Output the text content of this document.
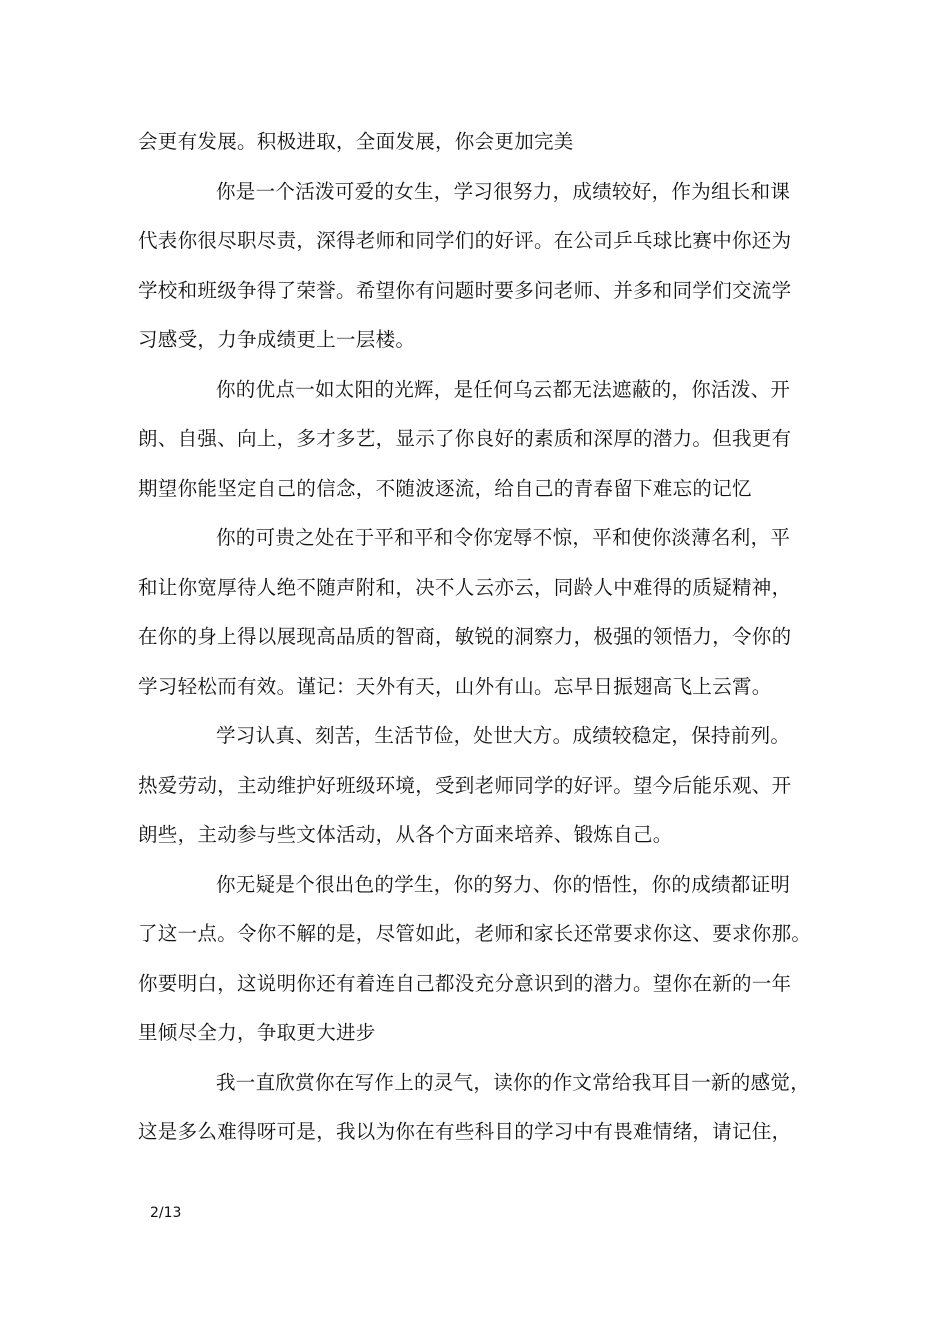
会更有发展。积极进取，全面发展，你会更加完美
你是一个活泼可爱的女生，学习很努力，成绩较好，作为组长和课
代表你很尽职尽责，深得老师和同学们的好评。在公司乒乓球比赛中你还为
学校和班级争得了荣誉。希望你有问题时要多问老师、并多和同学们交流学
习感受，力争成绩更上一层楼。
你的优点一如太阳的光辉，是任何乌云都无法遮蔽的，你活泼、开
朗、自强、向上，多才多艺，显示了你良好的素质和深厚的潜力。但我更有
期望你能坚定自己的信念，不随波逐流，给自己的青春留下难忘的记忆
你的可贵之处在于平和平和令你宠辱不惊，平和使你淡薄名利，平
和让你宽厚待人绝不随声附和，决不人云亦云，同龄人中难得的质疑精神，
在你的身上得以展现高品质的智商，敏锐的洞察力，极强的领悟力，令你的
学习轻松而有效。谨记：天外有天，山外有山。忘早日振翅高飞上云霄。
学习认真、刻苦，生活节俭，处世大方。成绩较稳定，保持前列。
热爱劳动，主动维护好班级环境，受到老师同学的好评。望今后能乐观、开
朗些，主动参与些文体活动，从各个方面来培养、锻炼自己。
你无疑是个很出色的学生，你的努力、你的悟性，你的成绩都证明
了这一点。令你不解的是，尽管如此，老师和家长还常要求你这、要求你那。
你要明白，这说明你还有着连自己都没充分意识到的潜力。望你在新的一年
里倾尽全力，争取更大进步
我一直欣赏你在写作上的灵气，读你的作文常给我耳目一新的感觉，
这是多么难得呀可是，我以为你在有些科目的学习中有畏难情绪，请记住，
2/13
